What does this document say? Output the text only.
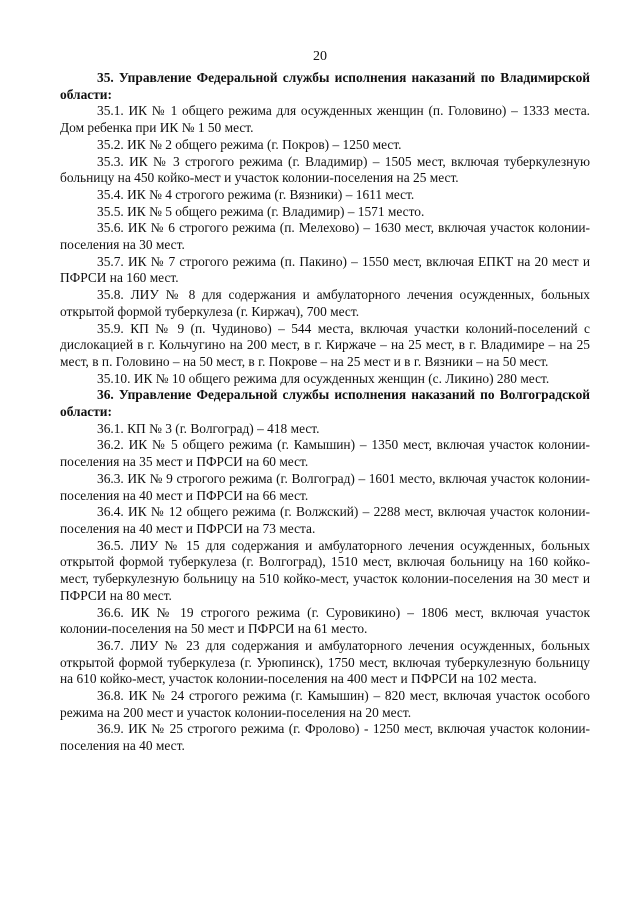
20

35. Управление Федеральной службы исполнения наказаний по Владимирской области:

35.1. ИК № 1 общего режима для осужденных женщин (п. Головино) – 1333 места. Дом ребенка при ИК № 1 50 мест.

35.2. ИК № 2 общего режима (г. Покров) – 1250 мест.

35.3. ИК № 3 строгого режима (г. Владимир) – 1505 мест, включая туберкулезную больницу на 450 койко-мест и участок колонии-поселения на 25 мест.

35.4. ИК № 4 строгого режима (г. Вязники) – 1611 мест.

35.5. ИК № 5 общего режима (г. Владимир) – 1571 место.

35.6. ИК № 6 строгого режима (п. Мелехово) – 1630 мест, включая участок колонии-поселения на 30 мест.

35.7. ИК № 7 строгого режима (п. Пакино) – 1550 мест, включая ЕПКТ на 20 мест и ПФРСИ на 160 мест.

35.8. ЛИУ № 8 для содержания и амбулаторного лечения осужденных, больных открытой формой туберкулеза (г. Киржач), 700 мест.

35.9. КП № 9 (п. Чудиново) – 544 места, включая участки колоний-поселений с дислокацией в г. Кольчугино на 200 мест, в г. Киржаче – на 25 мест, в г. Владимире – на 25 мест, в п. Головино – на 50 мест, в г. Покрове – на 25 мест и в г. Вязники – на 50 мест.

35.10. ИК № 10 общего режима для осужденных женщин (с. Ликино) 280 мест.

36. Управление Федеральной службы исполнения наказаний по Волгоградской области:

36.1. КП № 3 (г. Волгоград) – 418 мест.

36.2. ИК № 5 общего режима (г. Камышин) – 1350 мест, включая участок колонии-поселения на 35 мест и ПФРСИ на 60 мест.

36.3. ИК № 9 строгого режима (г. Волгоград) – 1601 место, включая участок колонии-поселения на 40 мест и ПФРСИ на 66 мест.

36.4. ИК № 12 общего режима (г. Волжский) – 2288 мест, включая участок колонии-поселения на 40 мест и ПФРСИ на 73 места.

36.5. ЛИУ № 15 для содержания и амбулаторного лечения осужденных, больных открытой формой туберкулеза (г. Волгоград), 1510 мест, включая больницу на 160 койко-мест, туберкулезную больницу на 510 койко-мест, участок колонии-поселения на 30 мест и ПФРСИ на 80 мест.

36.6. ИК № 19 строгого режима (г. Суровикино) – 1806 мест, включая участок колонии-поселения на 50 мест и ПФРСИ на 61 место.

36.7. ЛИУ № 23 для содержания и амбулаторного лечения осужденных, больных открытой формой туберкулеза (г. Урюпинск), 1750 мест, включая туберкулезную больницу на 610 койко-мест, участок колонии-поселения на 400 мест и ПФРСИ на 102 места.

36.8. ИК № 24 строгого режима (г. Камышин) – 820 мест, включая участок особого режима на 200 мест и участок колонии-поселения на 20 мест.

36.9. ИК № 25 строгого режима (г. Фролово) - 1250 мест, включая участок колонии-поселения на 40 мест.
